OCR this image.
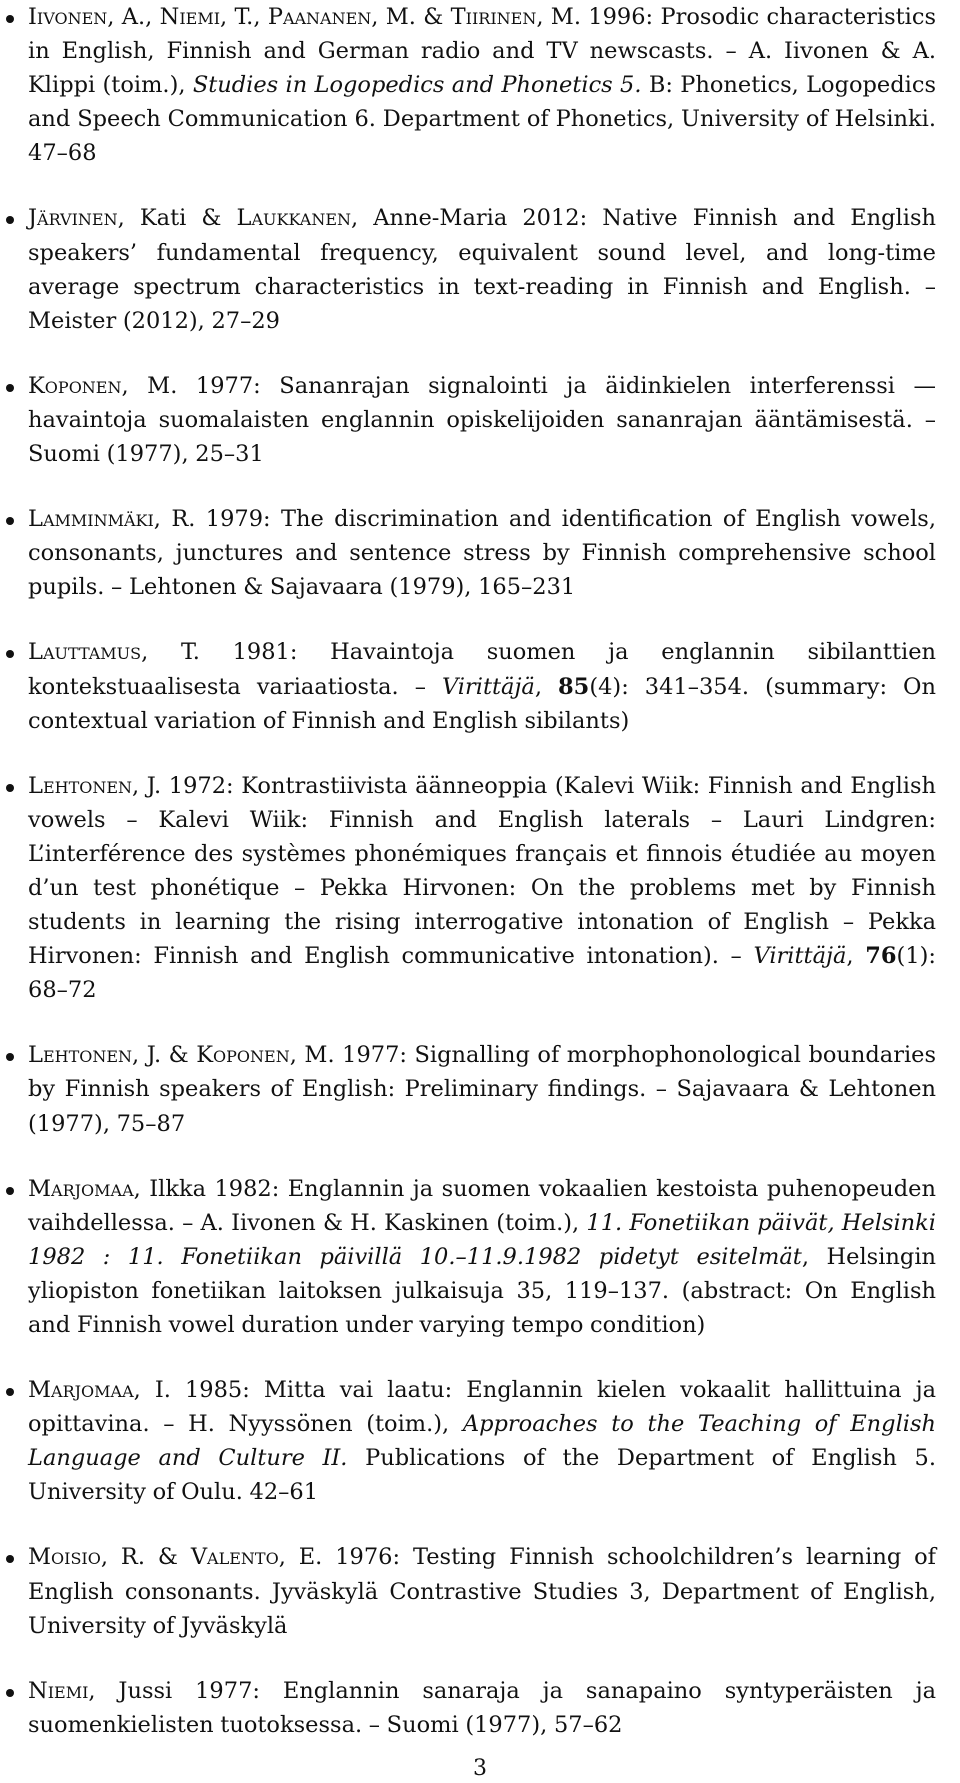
Iivonen, A., Niemi, T., Paananen, M. & Tiirinen, M. 1996: Prosodic characteristics in English, Finnish and German radio and TV newscasts. – A. Iivonen & A. Klippi (toim.), Studies in Logopedics and Phonetics 5. B: Phonetics, Logopedics and Speech Communication 6. Department of Phonetics, University of Helsinki. 47–68
Järvinen, Kati & Laukkanen, Anne-Maria 2012: Native Finnish and English speakers’ fundamental frequency, equivalent sound level, and long-time average spectrum characteristics in text-reading in Finnish and English. – Meister (2012), 27–29
Koponen, M. 1977: Sananrajan signalointi ja äidinkielen interferenssi — havaintoja suomalaisten englannin opiskelijoiden sananrajan ääntämisestä. – Suomi (1977), 25–31
Lamminmäki, R. 1979: The discrimination and identification of English vowels, consonants, junctures and sentence stress by Finnish comprehensive school pupils. – Lehtonen & Sajavaara (1979), 165–231
Lauttamus, T. 1981: Havaintoja suomen ja englannin sibilanttien kontekstuaalisesta variaatiosta. – Virittäjä, 85(4): 341–354. (summary: On contextual variation of Finnish and English sibilants)
Lehtonen, J. 1972: Kontrastiivista äänneoppia (Kalevi Wiik: Finnish and English vowels – Kalevi Wiik: Finnish and English laterals – Lauri Lindgren: L’interférence des systèmes phonémiques français et finnois étudiée au moyen d’un test phonétique – Pekka Hirvonen: On the problems met by Finnish students in learning the rising interrogative intonation of English – Pekka Hirvonen: Finnish and English communicative intonation). – Virittäjä, 76(1): 68–72
Lehtonen, J. & Koponen, M. 1977: Signalling of morphophonological boundaries by Finnish speakers of English: Preliminary findings. – Sajavaara & Lehtonen (1977), 75–87
Marjomaa, Ilkka 1982: Englannin ja suomen vokaalien kestoista puhenopeuden vaihdellessa. – A. Iivonen & H. Kaskinen (toim.), 11. Fonetiikan päivät, Helsinki 1982 : 11. Fonetiikan päivillä 10.–11.9.1982 pidetyt esitelmät, Helsingin yliopiston fonetiikan laitoksen julkaisuja 35, 119–137. (abstract: On English and Finnish vowel duration under varying tempo condition)
Marjomaa, I. 1985: Mitta vai laatu: Englannin kielen vokaalit hallittuina ja opittavina. – H. Nyyssönen (toim.), Approaches to the Teaching of English Language and Culture II. Publications of the Department of English 5. University of Oulu. 42–61
Moisio, R. & Valento, E. 1976: Testing Finnish schoolchildren’s learning of English consonants. Jyväskylä Contrastive Studies 3, Department of English, University of Jyväskylä
Niemi, Jussi 1977: Englannin sanaraja ja sanapaino syntyperäisten ja suomenkielisten tuotoksessa. – Suomi (1977), 57–62
3
